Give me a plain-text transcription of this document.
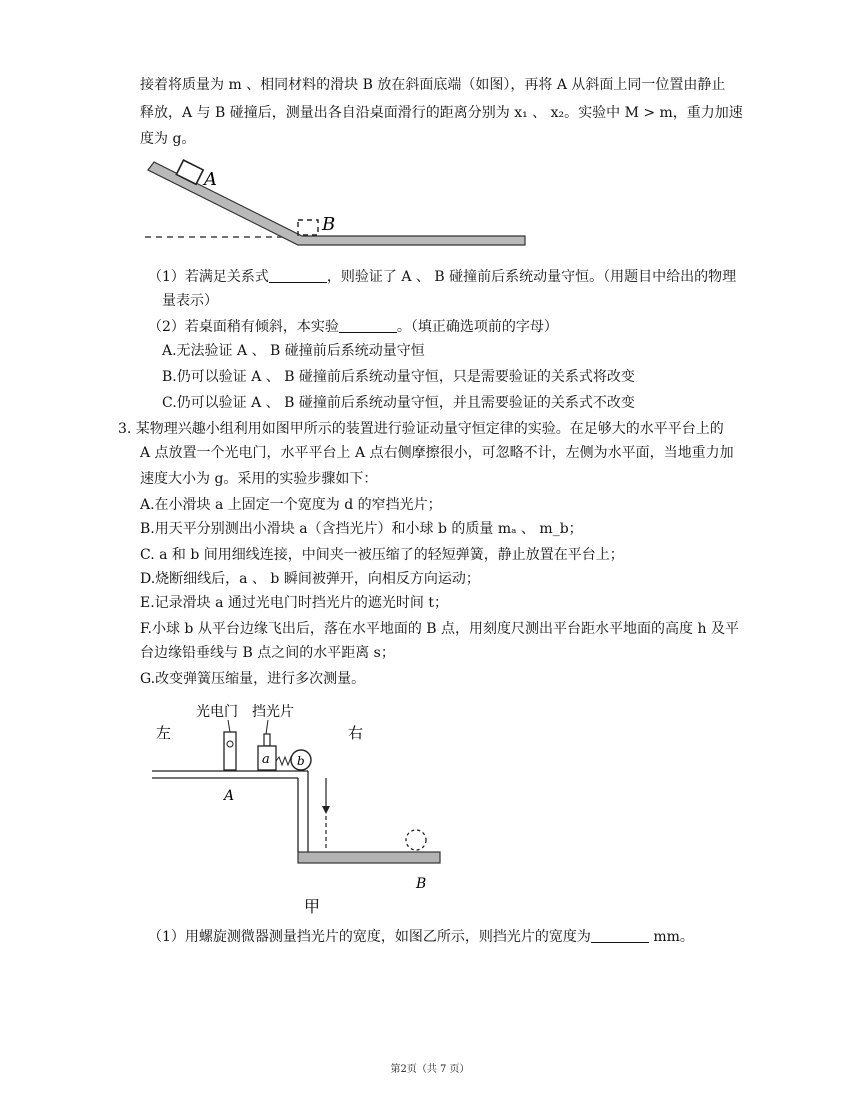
接着将质量为 m 、相同材料的滑块 B 放在斜面底端（如图），再将 A 从斜面上同一位置由静止

释放，A 与 B 碰撞后，测量出各自沿桌面滑行的距离分别为 x₁ 、 x₂。实验中 M > m，重力加速

度为 g。

A
B

（1）若满足关系式	，则验证了 A 、 B 碰撞前后系统动量守恒。（用题目中给出的物理

量表示）

（2）若桌面稍有倾斜，本实验	。（填正确选项前的字母）

A.无法验证 A 、 B 碰撞前后系统动量守恒

B.仍可以验证 A 、 B 碰撞前后系统动量守恒，只是需要验证的关系式将改变

C.仍可以验证 A 、 B 碰撞前后系统动量守恒，并且需要验证的关系式不改变

3. 某物理兴趣小组利用如图甲所示的装置进行验证动量守恒定律的实验。在足够大的水平平台上的

A 点放置一个光电门，水平平台上 A 点右侧摩擦很小，可忽略不计，左侧为水平面，当地重力加

速度大小为 g。采用的实验步骤如下：

A.在小滑块 a 上固定一个宽度为 d 的窄挡光片；

B.用天平分别测出小滑块 a（含挡光片）和小球 b 的质量 mₐ 、 m_b；

C. a 和 b 间用细线连接，中间夹一被压缩了的轻短弹簧，静止放置在平台上；

D.烧断细线后，a 、 b 瞬间被弹开，向相反方向运动；

E.记录滑块 a 通过光电门时挡光片的遮光时间 t；

F.小球 b 从平台边缘飞出后，落在水平地面的 B 点，用刻度尺测出平台距水平地面的高度 h 及平

台边缘铅垂线与 B 点之间的水平距离 s；

G.改变弹簧压缩量，进行多次测量。

光电门 挡光片
左	右
a b
A
B
甲

（1）用螺旋测微器测量挡光片的宽度，如图乙所示，则挡光片的宽度为	mm。

第2页（共 7 页）
